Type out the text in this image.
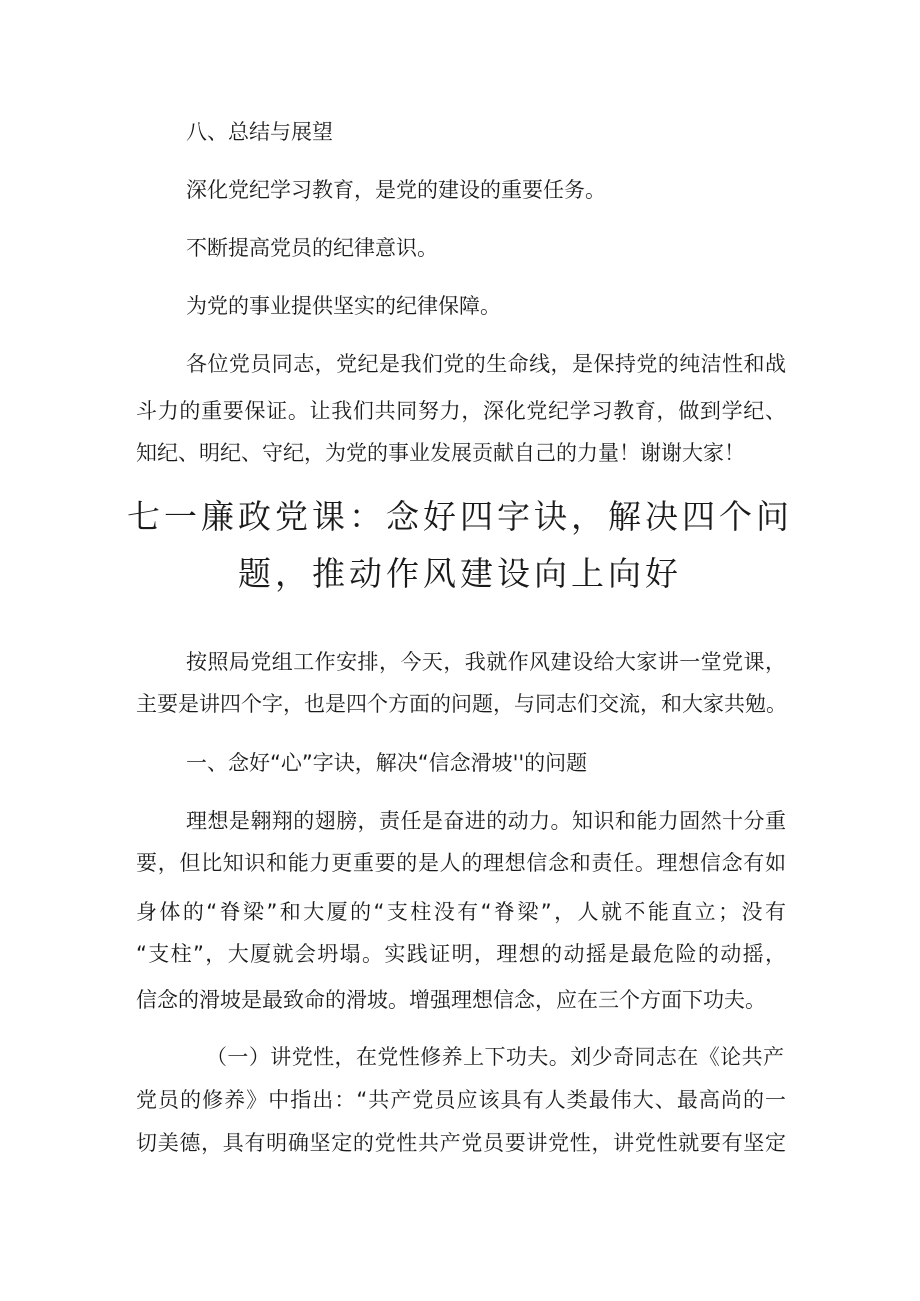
八、总结与展望
深化党纪学习教育，是党的建设的重要任务。
不断提高党员的纪律意识。
为党的事业提供坚实的纪律保障。
各位党员同志，党纪是我们党的生命线，是保持党的纯洁性和战
斗力的重要保证。让我们共同努力，深化党纪学习教育，做到学纪、
知纪、明纪、守纪，为党的事业发展贡献自己的力量！谢谢大家！
七一廉政党课：念好四字诀，解决四个问
题，推动作风建设向上向好
按照局党组工作安排，今天，我就作风建设给大家讲一堂党课，
主要是讲四个字，也是四个方面的问题，与同志们交流，和大家共勉。
一、念好“心”字诀，解决“信念滑坡''的问题
理想是翱翔的翅膀，责任是奋进的动力。知识和能力固然十分重
要，但比知识和能力更重要的是人的理想信念和责任。理想信念有如
身体的“脊梁”和大厦的“支柱没有“脊梁”，人就不能直立；没有
“支柱”，大厦就会坍塌。实践证明，理想的动摇是最危险的动摇，
信念的滑坡是最致命的滑坡。增强理想信念，应在三个方面下功夫。
（一）讲党性，在党性修养上下功夫。刘少奇同志在《论共产
党员的修养》中指出：“共产党员应该具有人类最伟大、最高尚的一
切美德，具有明确坚定的党性共产党员要讲党性，讲党性就要有坚定
